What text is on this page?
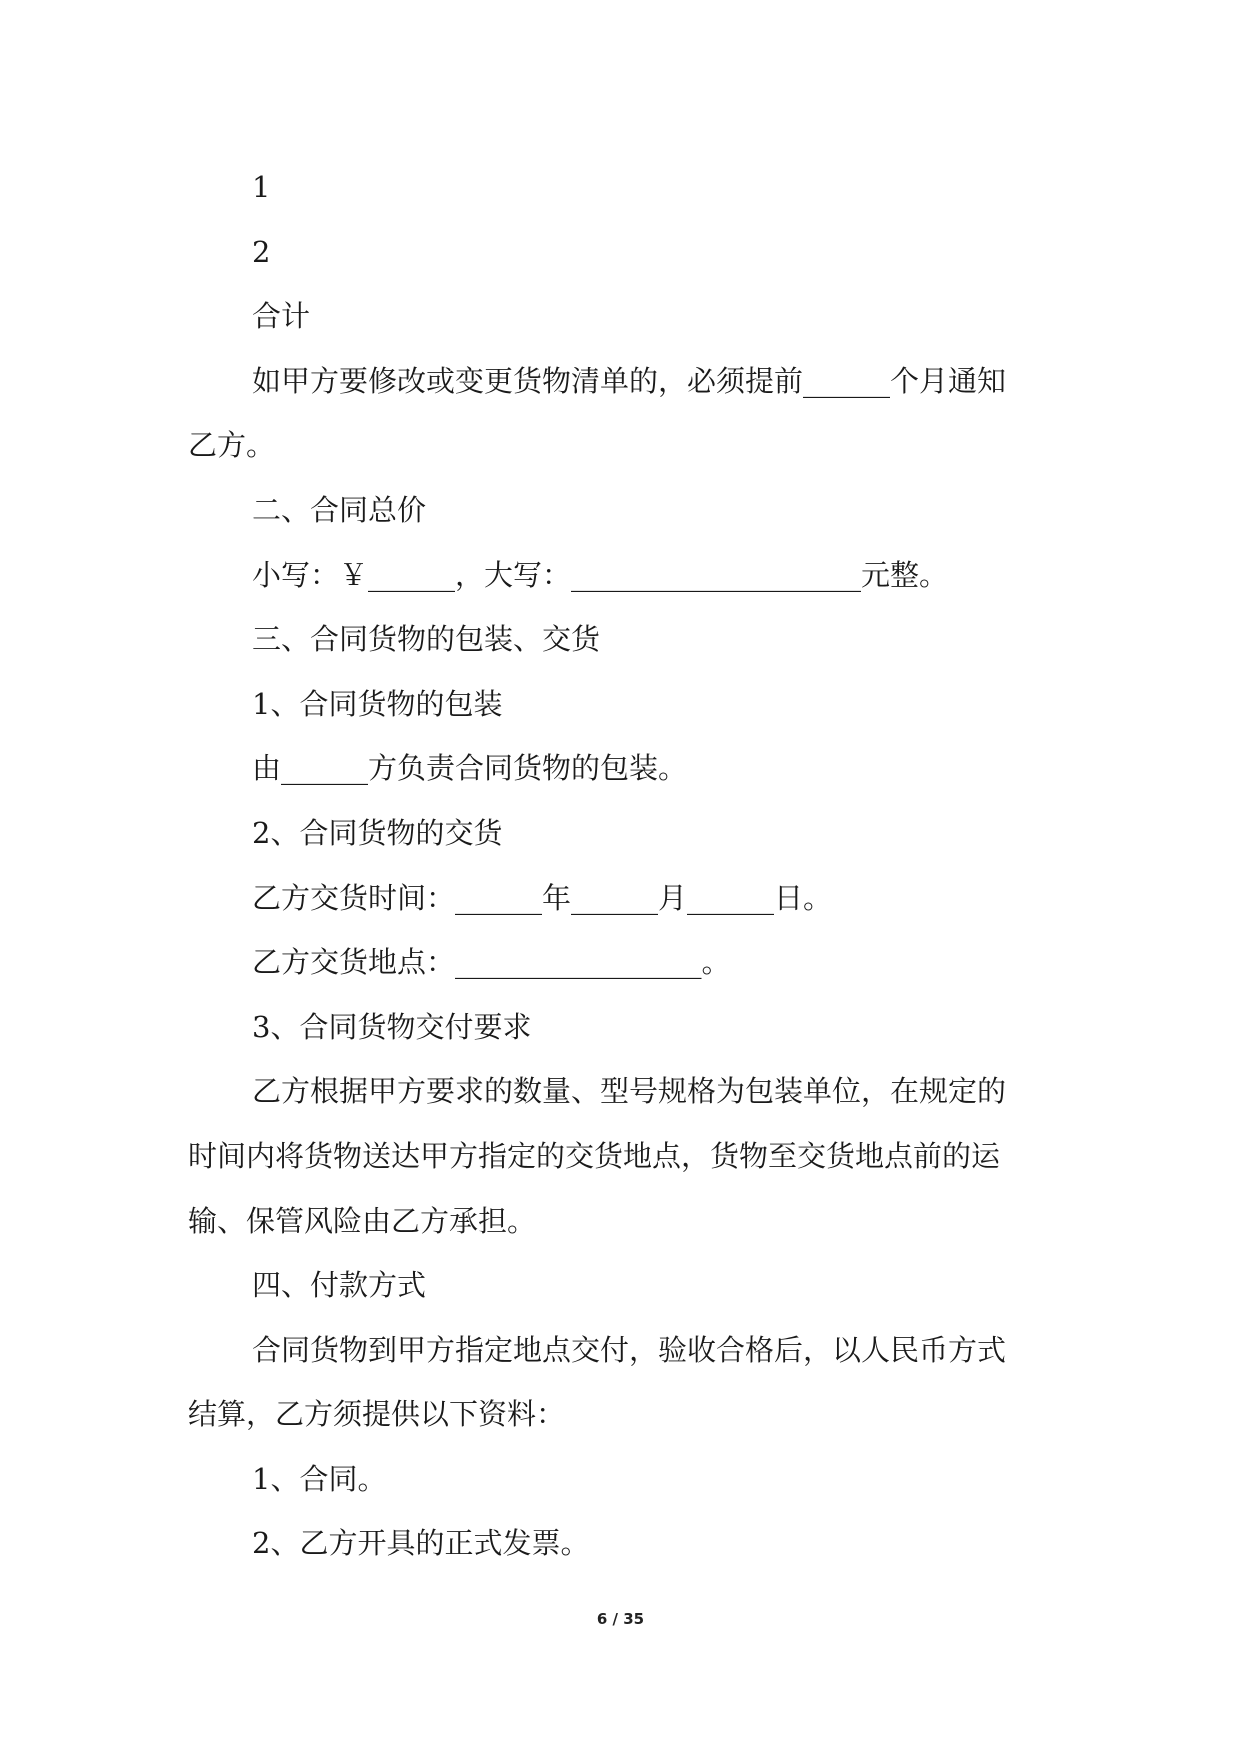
1

2

合计

如甲方要修改或变更货物清单的，必须提前______个月通知

乙方。

二、合同总价

小写：￥______，大写：____________________元整。

三、合同货物的包装、交货

1、合同货物的包装

由______方负责合同货物的包装。

2、合同货物的交货

乙方交货时间：______年______月______日。

乙方交货地点：_________________。

3、合同货物交付要求

乙方根据甲方要求的数量、型号规格为包装单位，在规定的

时间内将货物送达甲方指定的交货地点，货物至交货地点前的运

输、保管风险由乙方承担。

四、付款方式

合同货物到甲方指定地点交付，验收合格后，以人民币方式

结算，乙方须提供以下资料：

1、合同。

2、乙方开具的正式发票。

6 / 35
